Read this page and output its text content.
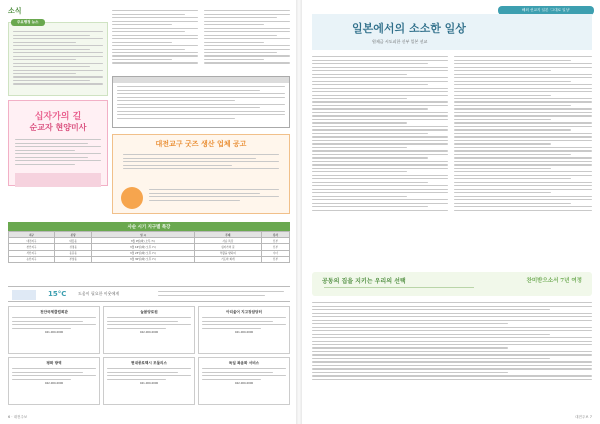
소식
주요행정 뉴스
십자가의 길
순교자 현양미사
대전교구 굿즈 생산 업체 공고
사순 시기 지구별 특강
지구	본당	일 시	주제	강사
대전지구	대흥동	3월 9일(화) 오후 7시	사순 특강	신부
천안지구	성정동	3월 16일(화) 오후 7시	십자가의 길	신부
서산지구	동문동	3월 23일(화) 오후 7시	부활을 향하여	수녀
논산지구	부창동	3월 30일(화) 오후 7시	기도와 회개	신부
15°C	도움이 필요한 이웃에게
천안국제클럽회관
041-000-0000
늘봄양로원
042-000-0000
아리울어 지고장담당터
041-000-0000
평화 방역
042-000-0000
현대종로택시 모둘의스
041-000-0000
독일 복음화 서비스
042-000-0000
6 · 대전주보
해외 선교지 일본 '그대로 일상'
일본에서의 소소한 일상
원제금 시도피한 신부 일본 선교
공동의 집을 지키는 우리의 선택	찬미받으소서 7년 여정
대전주보 7
